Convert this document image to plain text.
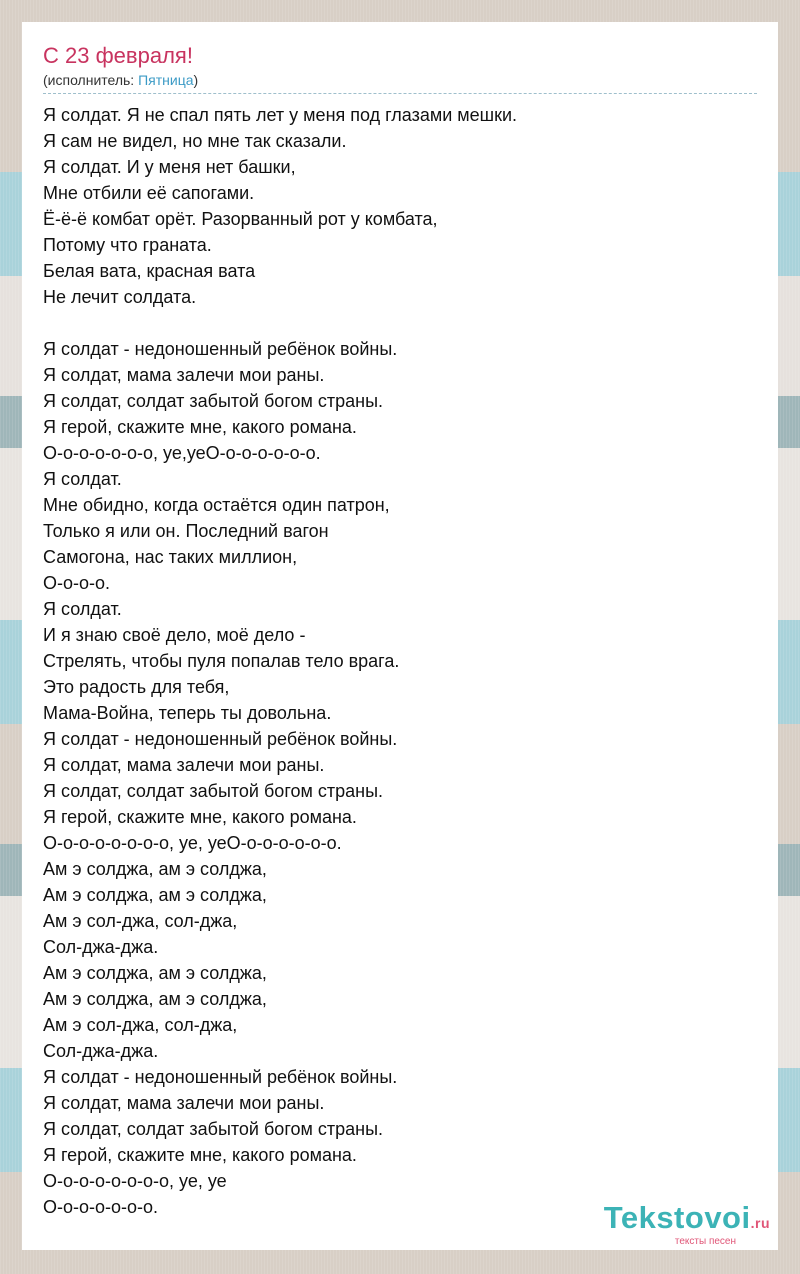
С 23 февраля!
(исполнитель: Пятница)
Я солдат. Я не спал пять лет у меня под глазами мешки.
Я сам не видел, но мне так сказали.
Я солдат. И у меня нет башки,
Мне отбили её сапогами.
Ё-ё-ё комбат орёт. Разорванный рот у комбата,
Потому что граната.
Белая вата, красная вата
Не лечит солдата.
Я солдат - недоношенный ребёнок войны.
Я солдат, мама залечи мои раны.
Я солдат, солдат забытой богом страны.
Я герой, скажите мне, какого романа.
О-о-о-о-о-о-о, уе,уеО-о-о-о-о-о-о.
Я солдат.
Мне обидно, когда остаётся один патрон,
Только я или он. Последний вагон
Самогона, нас таких миллион,
О-о-о-о.
Я солдат.
И я знаю своё дело, моё дело -
Стрелять, чтобы пуля попалав тело врага.
Это радость для тебя,
Мама-Война, теперь ты довольна.
Я солдат - недоношенный ребёнок войны.
Я солдат, мама залечи мои раны.
Я солдат, солдат забытой богом страны.
Я герой, скажите мне, какого романа.
О-о-о-о-о-о-о-о, уе, уеО-о-о-о-о-о-о.
Ам э солджа, ам э солджа,
Ам э солджа, ам э солджа,
Ам э сол-джа, сол-джа,
Сол-джа-джа.
Ам э солджа, ам э солджа,
Ам э солджа, ам э солджа,
Ам э сол-джа, сол-джа,
Сол-джа-джа.
Я солдат - недоношенный ребёнок войны.
Я солдат, мама залечи мои раны.
Я солдат, солдат забытой богом страны.
Я герой, скажите мне, какого романа.
О-о-о-о-о-о-о-о, уе, уе
О-о-о-о-о-о-о.	Tekstovoi.ru
тексты песен
